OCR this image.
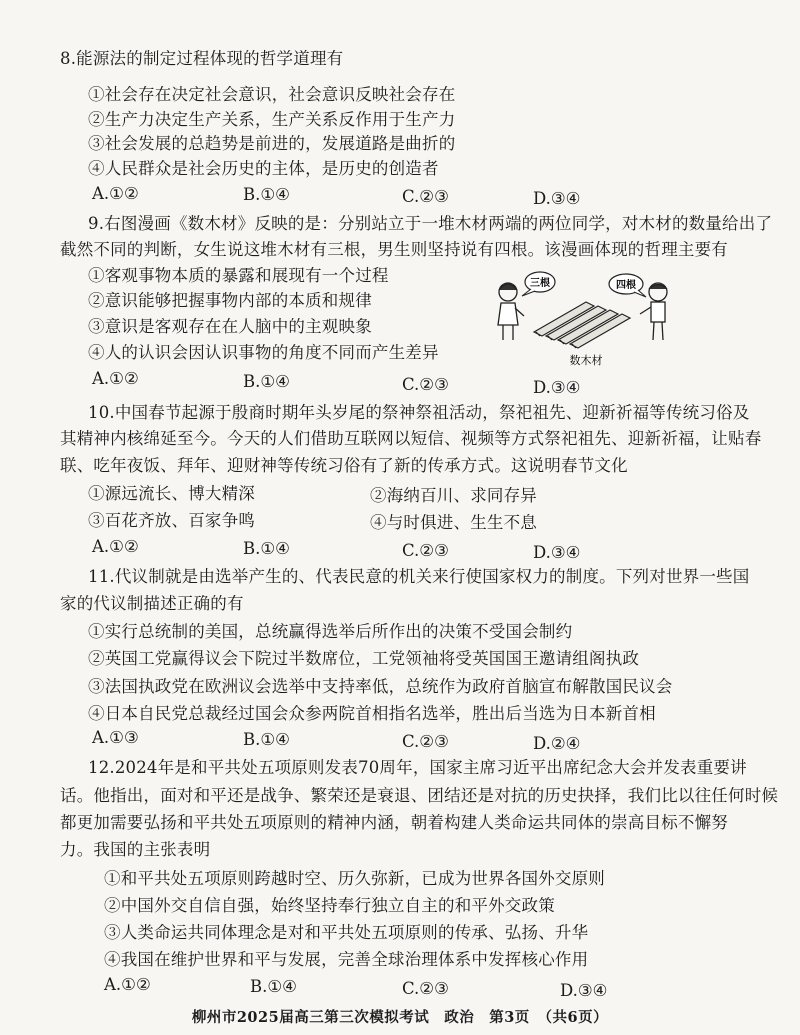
8.能源法的制定过程体现的哲学道理有
①社会存在决定社会意识，社会意识反映社会存在
②生产力决定生产关系，生产关系反作用于生产力
③社会发展的总趋势是前进的，发展道路是曲折的
④人民群众是社会历史的主体，是历史的创造者
A.①②	B.①④	C.②③	D.③④
9.右图漫画《数木材》反映的是：分别站立于一堆木材两端的两位同学，对木材的数量给出了
截然不同的判断，女生说这堆木材有三根，男生则坚持说有四根。该漫画体现的哲理主要有
①客观事物本质的暴露和展现有一个过程
②意识能够把握事物内部的本质和规律
③意识是客观存在在人脑中的主观映象
④人的认识会因认识事物的角度不同而产生差异
A.①②	B.①④	C.②③	D.③④
三根	四根
数木材
10.中国春节起源于殷商时期年头岁尾的祭神祭祖活动，祭祀祖先、迎新祈福等传统习俗及
其精神内核绵延至今。今天的人们借助互联网以短信、视频等方式祭祀祖先、迎新祈福，让贴春
联、吃年夜饭、拜年、迎财神等传统习俗有了新的传承方式。这说明春节文化
①源远流长、博大精深	②海纳百川、求同存异
③百花齐放、百家争鸣	④与时俱进、生生不息
A.①②	B.①④	C.②③	D.③④
11.代议制就是由选举产生的、代表民意的机关来行使国家权力的制度。下列对世界一些国
家的代议制描述正确的有
①实行总统制的美国，总统赢得选举后所作出的决策不受国会制约
②英国工党赢得议会下院过半数席位，工党领袖将受英国国王邀请组阁执政
③法国执政党在欧洲议会选举中支持率低，总统作为政府首脑宣布解散国民议会
④日本自民党总裁经过国会众参两院首相指名选举，胜出后当选为日本新首相
A.①③	B.①④	C.②③	D.②④
12.2024年是和平共处五项原则发表70周年，国家主席习近平出席纪念大会并发表重要讲
话。他指出，面对和平还是战争、繁荣还是衰退、团结还是对抗的历史抉择，我们比以往任何时候
都更加需要弘扬和平共处五项原则的精神内涵，朝着构建人类命运共同体的崇高目标不懈努
力。我国的主张表明
①和平共处五项原则跨越时空、历久弥新，已成为世界各国外交原则
②中国外交自信自强，始终坚持奉行独立自主的和平外交政策
③人类命运共同体理念是对和平共处五项原则的传承、弘扬、升华
④我国在维护世界和平与发展，完善全球治理体系中发挥核心作用
A.①②	B.①④	C.②③	D.③④
柳州市2025届高三第三次模拟考试　政治　第3页　（共6页）
